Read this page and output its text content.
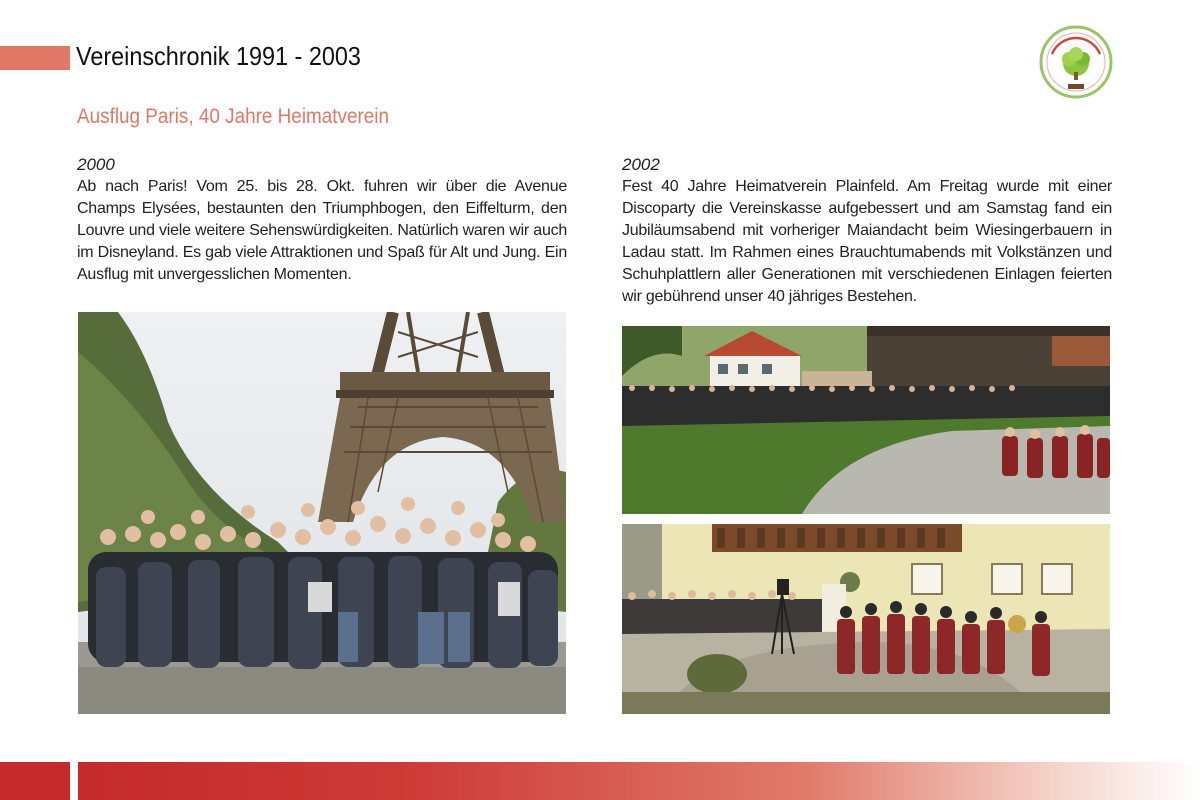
Vereinschronik 1991 - 2003
Ausflug Paris, 40 Jahre Heimatverein
2000

Ab nach Paris! Vom 25. bis 28. Okt. fuhren wir über die Avenue Champs Elysées, bestaunten den Triumphbogen, den Eiffelturm, den Louvre und viele weitere Sehenswürdigkeiten. Natürlich waren wir auch im Disneyland. Es gab viele Attraktionen und Spaß für Alt und Jung. Ein Ausflug mit unvergesslichen Momenten.

2002

Fest 40 Jahre Heimatverein Plainfeld. Am Freitag wurde mit einer Discoparty die Vereinskasse aufgebessert und am Samstag fand ein Jubiläumsabend mit vorheriger Maiandacht beim Wiesingerbauern in Ladau statt. Im Rahmen eines Brauchtumabends mit Volkstänzen und Schuhplattlern aller Generationen mit verschiedenen Einlagen feierten wir gebührend unser 40 jähriges Bestehen.
